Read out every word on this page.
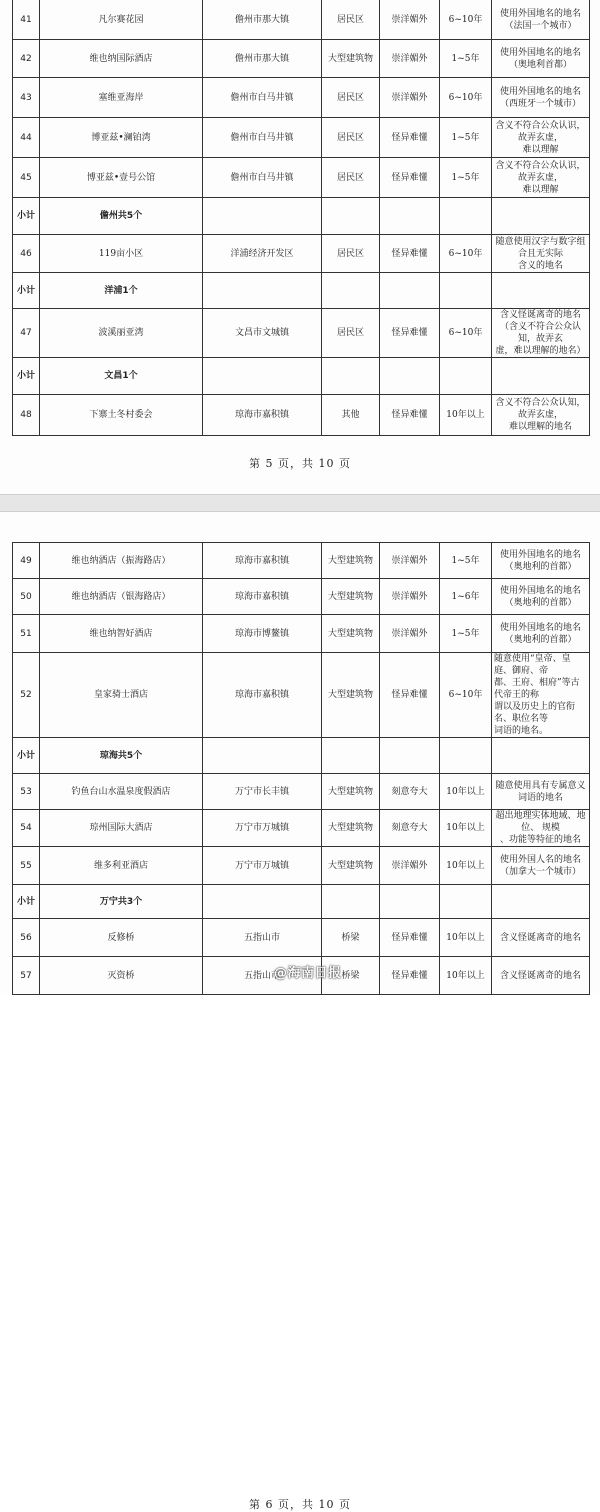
41	凡尔赛花园	儋州市那大镇	居民区	崇洋媚外	6~10年	使用外国地名的地名
（法国一个城市）

42	维也纳国际酒店	儋州市那大镇	大型建筑物	崇洋媚外	1~5年	使用外国地名的地名
（奥地利首都）

43	塞维亚海岸	儋州市白马井镇	居民区	崇洋媚外	6~10年	使用外国地名的地名
（西班牙一个城市）

44	博亚兹•澜铂湾	儋州市白马井镇	居民区	怪异难懂	1~5年	含义不符合公众认识，故弄玄虚，
难以理解

45	博亚兹•壹号公馆	儋州市白马井镇	居民区	怪异难懂	1~5年	含义不符合公众认识，故弄玄虚，
难以理解

小计	儋州共5个					
46	119亩小区	洋浦经济开发区	居民区	怪异难懂	6~10年	随意使用汉字与数字组合且无实际
含义的地名

小计	洋浦1个					
47	波溪丽亚湾	文昌市文城镇	居民区	怪异难懂	6~10年	含义怪诞离奇的地名
（含义不符合公众认知，故弄玄
虚，难以理解的地名）

小计	文昌1个					
48	下寨土冬村委会	琼海市嘉积镇	其他	怪异难懂	10年以上	含义不符合公众认知，故弄玄虚，
难以理解的地名
第 5 页，共 10 页
49	维也纳酒店（振海路店）	琼海市嘉积镇	大型建筑物	崇洋媚外	1~5年	使用外国地名的地名
（奥地利的首都）

50	维也纳酒店（银海路店）	琼海市嘉积镇	大型建筑物	崇洋媚外	1~6年	使用外国地名的地名
（奥地利的首都）

51	维也纳智好酒店	琼海市博鳌镇	大型建筑物	崇洋媚外	1~5年	使用外国地名的地名
（奥地利的首都）

52	皇家骑士酒店	琼海市嘉积镇	大型建筑物	怪异难懂	6~10年	随意使用“皇帝、皇庭、御府、帝
都、王府、相府”等古代帝王的称
谓以及历史上的官衔名、职位名等
词语的地名。

小计	琼海共5个					
53	钓鱼台山水温泉度假酒店	万宁市长丰镇	大型建筑物	刻意夸大	10年以上	随意使用具有专属意义词语的地名

54	琼州国际大酒店	万宁市万城镇	大型建筑物	刻意夸大	10年以上	超出地理实体地域、地位、 规模
、功能等特征的地名

55	维多利亚酒店	万宁市万城镇	大型建筑物	崇洋媚外	10年以上	使用外国人名的地名
（加拿大一个城市）

小计	万宁共3个					
56	反修桥	五指山市	桥梁	怪异难懂	10年以上	含义怪诞离奇的地名

57	灭资桥	五指山市	桥梁	怪异难懂	10年以上	含义怪诞离奇的地名
第 6 页，共 10 页
@海南日报
